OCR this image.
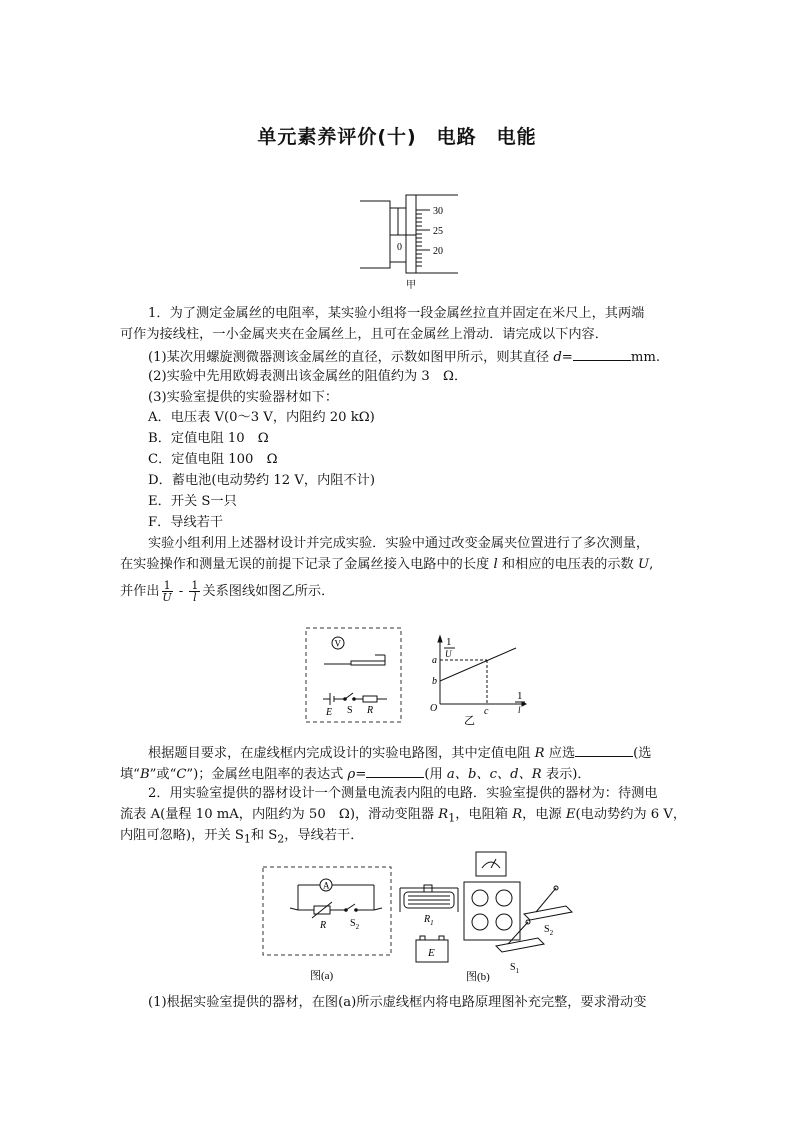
单元素养评价(十)　电路　电能
30
25
20
0
甲
1．为了测定金属丝的电阻率，某实验小组将一段金属丝拉直并固定在米尺上，其两端
可作为接线柱，一小金属夹夹在金属丝上，且可在金属丝上滑动．请完成以下内容．
(1)某次用螺旋测微器测该金属丝的直径，示数如图甲所示，则其直径 d=	mm.
(2)实验中先用欧姆表测出该金属丝的阻值约为 3　Ω．
(3)实验室提供的实验器材如下：
A．电压表 V(0～3 V，内阻约 20 kΩ)
B．定值电阻 10　Ω
C．定值电阻 100　Ω
D．蓄电池(电动势约 12 V，内阻不计)
E．开关 S一只
F．导线若干
实验小组利用上述器材设计并完成实验．实验中通过改变金属夹位置进行了多次测量，
在实验操作和测量无误的前提下记录了金属丝接入电路中的长度 l 和相应的电压表的示数 U,
并作出 $\frac{1}{U} - \frac{1}{l}$ 关系图线如图乙所示．
V
E S R
1
U
1
l
a
b
c
O
乙
根据题目要求，在虚线框内完成设计的实验电路图，其中定值电阻 R 应选	(选
填“B”或“C”)；金属丝电阻率的表达式 ρ=	(用 a、b、c、d、R 表示)．
2．用实验室提供的器材设计一个测量电流表内阻的电路．实验室提供的器材为：待测电
流表 A(量程 10 mA，内阻约为 50　Ω)，滑动变阻器 $R_1$，电阻箱 R，电源 E(电动势约为 6 V，
内阻可忽略)，开关 $S_1$和 $S_2$，导线若干．
A
R $S_2$
图(a)
$R_1$
E
$S_2$
$S_1$
图(b)
(1)根据实验室提供的器材，在图(a)所示虚线框内将电路原理图补充完整，要求滑动变
